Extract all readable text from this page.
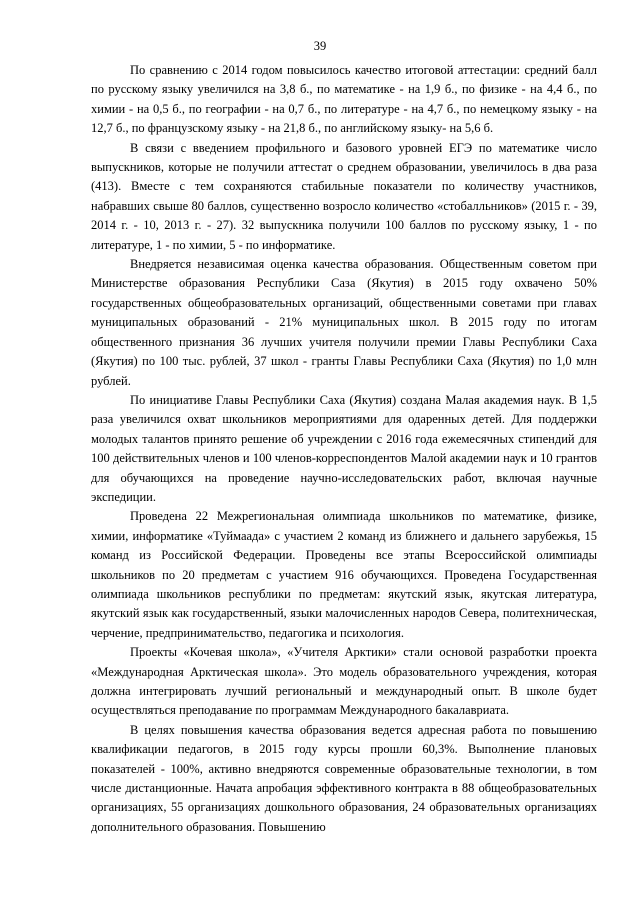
39

По сравнению с 2014 годом повысилось качество итоговой аттестации: средний балл по русскому языку увеличился на 3,8 б., по математике - на 1,9 б., по физике - на 4,4 б., по химии - на 0,5 б., по географии - на 0,7 б., по литературе - на 4,7 б., по немецкому языку - на 12,7 б., по французскому языку - на 21,8 б., по английскому языку- на 5,6 б.

В связи с введением профильного и базового уровней ЕГЭ по математике число выпускников, которые не получили аттестат о среднем образовании, увеличилось в два раза (413). Вместе с тем сохраняются стабильные показатели по количеству участников, набравших свыше 80 баллов, существенно возросло количество «стобалльников» (2015 г. - 39, 2014 г. - 10, 2013 г. - 27). 32 выпускника получили 100 баллов по русскому языку, 1 - по литературе, 1 - по химии, 5 - по информатике.

Внедряется независимая оценка качества образования. Общественным советом при Министерстве образования Республики Саза (Якутия) в 2015 году охвачено 50% государственных общеобразовательных организаций, общественными советами при главах муниципальных образований - 21% муниципальных школ. В 2015 году по итогам общественного признания 36 лучших учителя получили премии Главы Республики Саха (Якутия) по 100 тыс. рублей, 37 школ - гранты Главы Республики Саха (Якутия) по 1,0 млн рублей.

По инициативе Главы Республики Саха (Якутия) создана Малая академия наук. В 1,5 раза увеличился охват школьников мероприятиями для одаренных детей. Для поддержки молодых талантов принято решение об учреждении с 2016 года ежемесячных стипендий для 100 действительных членов и 100 членов-корреспондентов Малой академии наук и 10 грантов для обучающихся на проведение научно-исследовательских работ, включая научные экспедиции.

Проведена 22 Межрегиональная олимпиада школьников по математике, физике, химии, информатике «Туймаада» с участием 2 команд из ближнего и дальнего зарубежья, 15 команд из Российской Федерации. Проведены все этапы Всероссийской олимпиады школьников по 20 предметам с участием 916 обучающихся. Проведена Государственная олимпиада школьников республики по предметам: якутский язык, якутская литература, якутский язык как государственный, языки малочисленных народов Севера, политехническая, черчение, предпринимательство, педагогика и психология.

Проекты «Кочевая школа», «Учителя Арктики» стали основой разработки проекта «Международная Арктическая школа». Это модель образовательного учреждения, которая должна интегрировать лучший региональный и международный опыт. В школе будет осуществляться преподавание по программам Международного бакалавриата.

В целях повышения качества образования ведется адресная работа по повышению квалификации педагогов, в 2015 году курсы прошли 60,3%. Выполнение плановых показателей - 100%, активно внедряются современные образовательные технологии, в том числе дистанционные. Начата апробация эффективного контракта в 88 общеобразовательных организациях, 55 организациях дошкольного образования, 24 образовательных организациях дополнительного образования. Повышению
